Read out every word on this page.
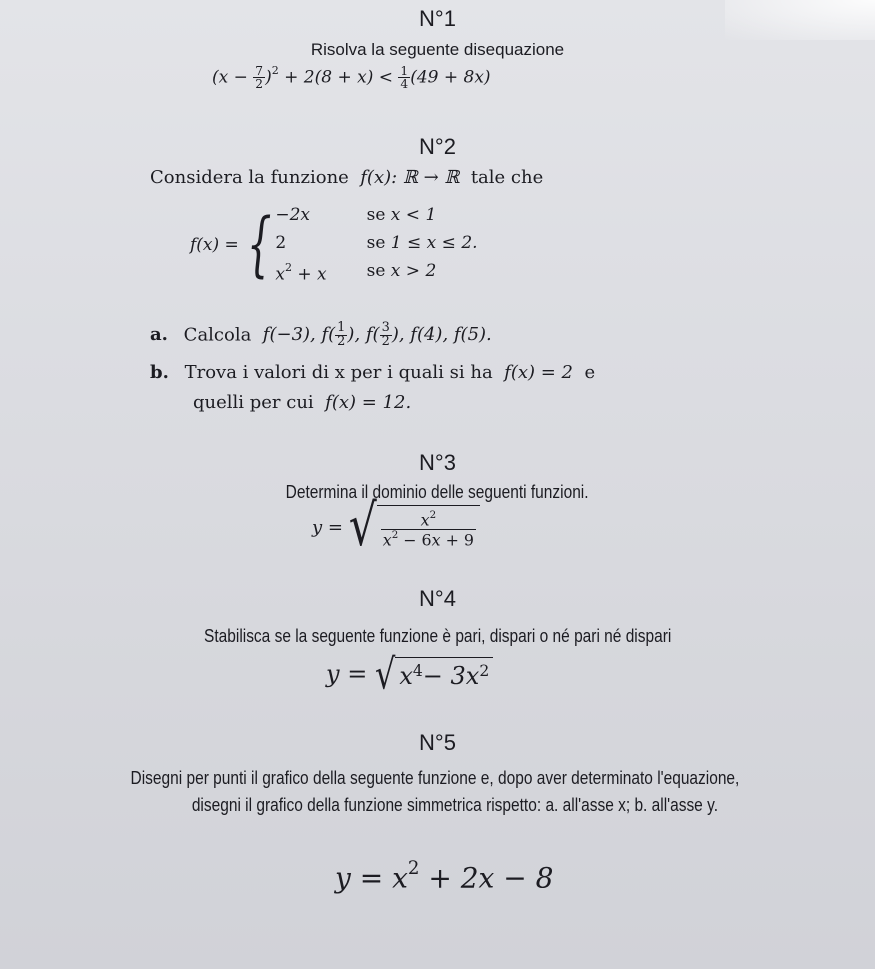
N°1
Risolva la seguente disequazione
$(x - \frac{7}{2} )^2 + 2(8 + x) < \frac{1}{4} (49 + 8x)$
N°2
Considera la funzione  f(x): ℝ → ℝ  tale che
f(x) = { −2x	se x < 1
2	se 1 ≤ x ≤ 2.
$x^2 + x$ se x > 2
a. Calcola  f(−3), $f( \frac{1}{2}$ ), $f( \frac{3}{2}$ ), f(4), f(5).
b. Trova i valori di x per i quali si ha  f(x) = 2  e
quelli per cui  f(x) = 12.
N°3
Determina il dominio delle seguenti funzioni.
y = √ $\frac{x^2}{x^2 - 6x + 9}$
N°4
Stabilisca se la seguente funzione è pari, dispari o né pari né dispari
y = √ x 4 − 3x 2
N°5
Disegni per punti il grafico della seguente funzione e, dopo aver determinato l'equazione,
disegni il grafico della funzione simmetrica rispetto: a. all'asse x; b. all'asse y.
$y = x^2 + 2x - 8$
